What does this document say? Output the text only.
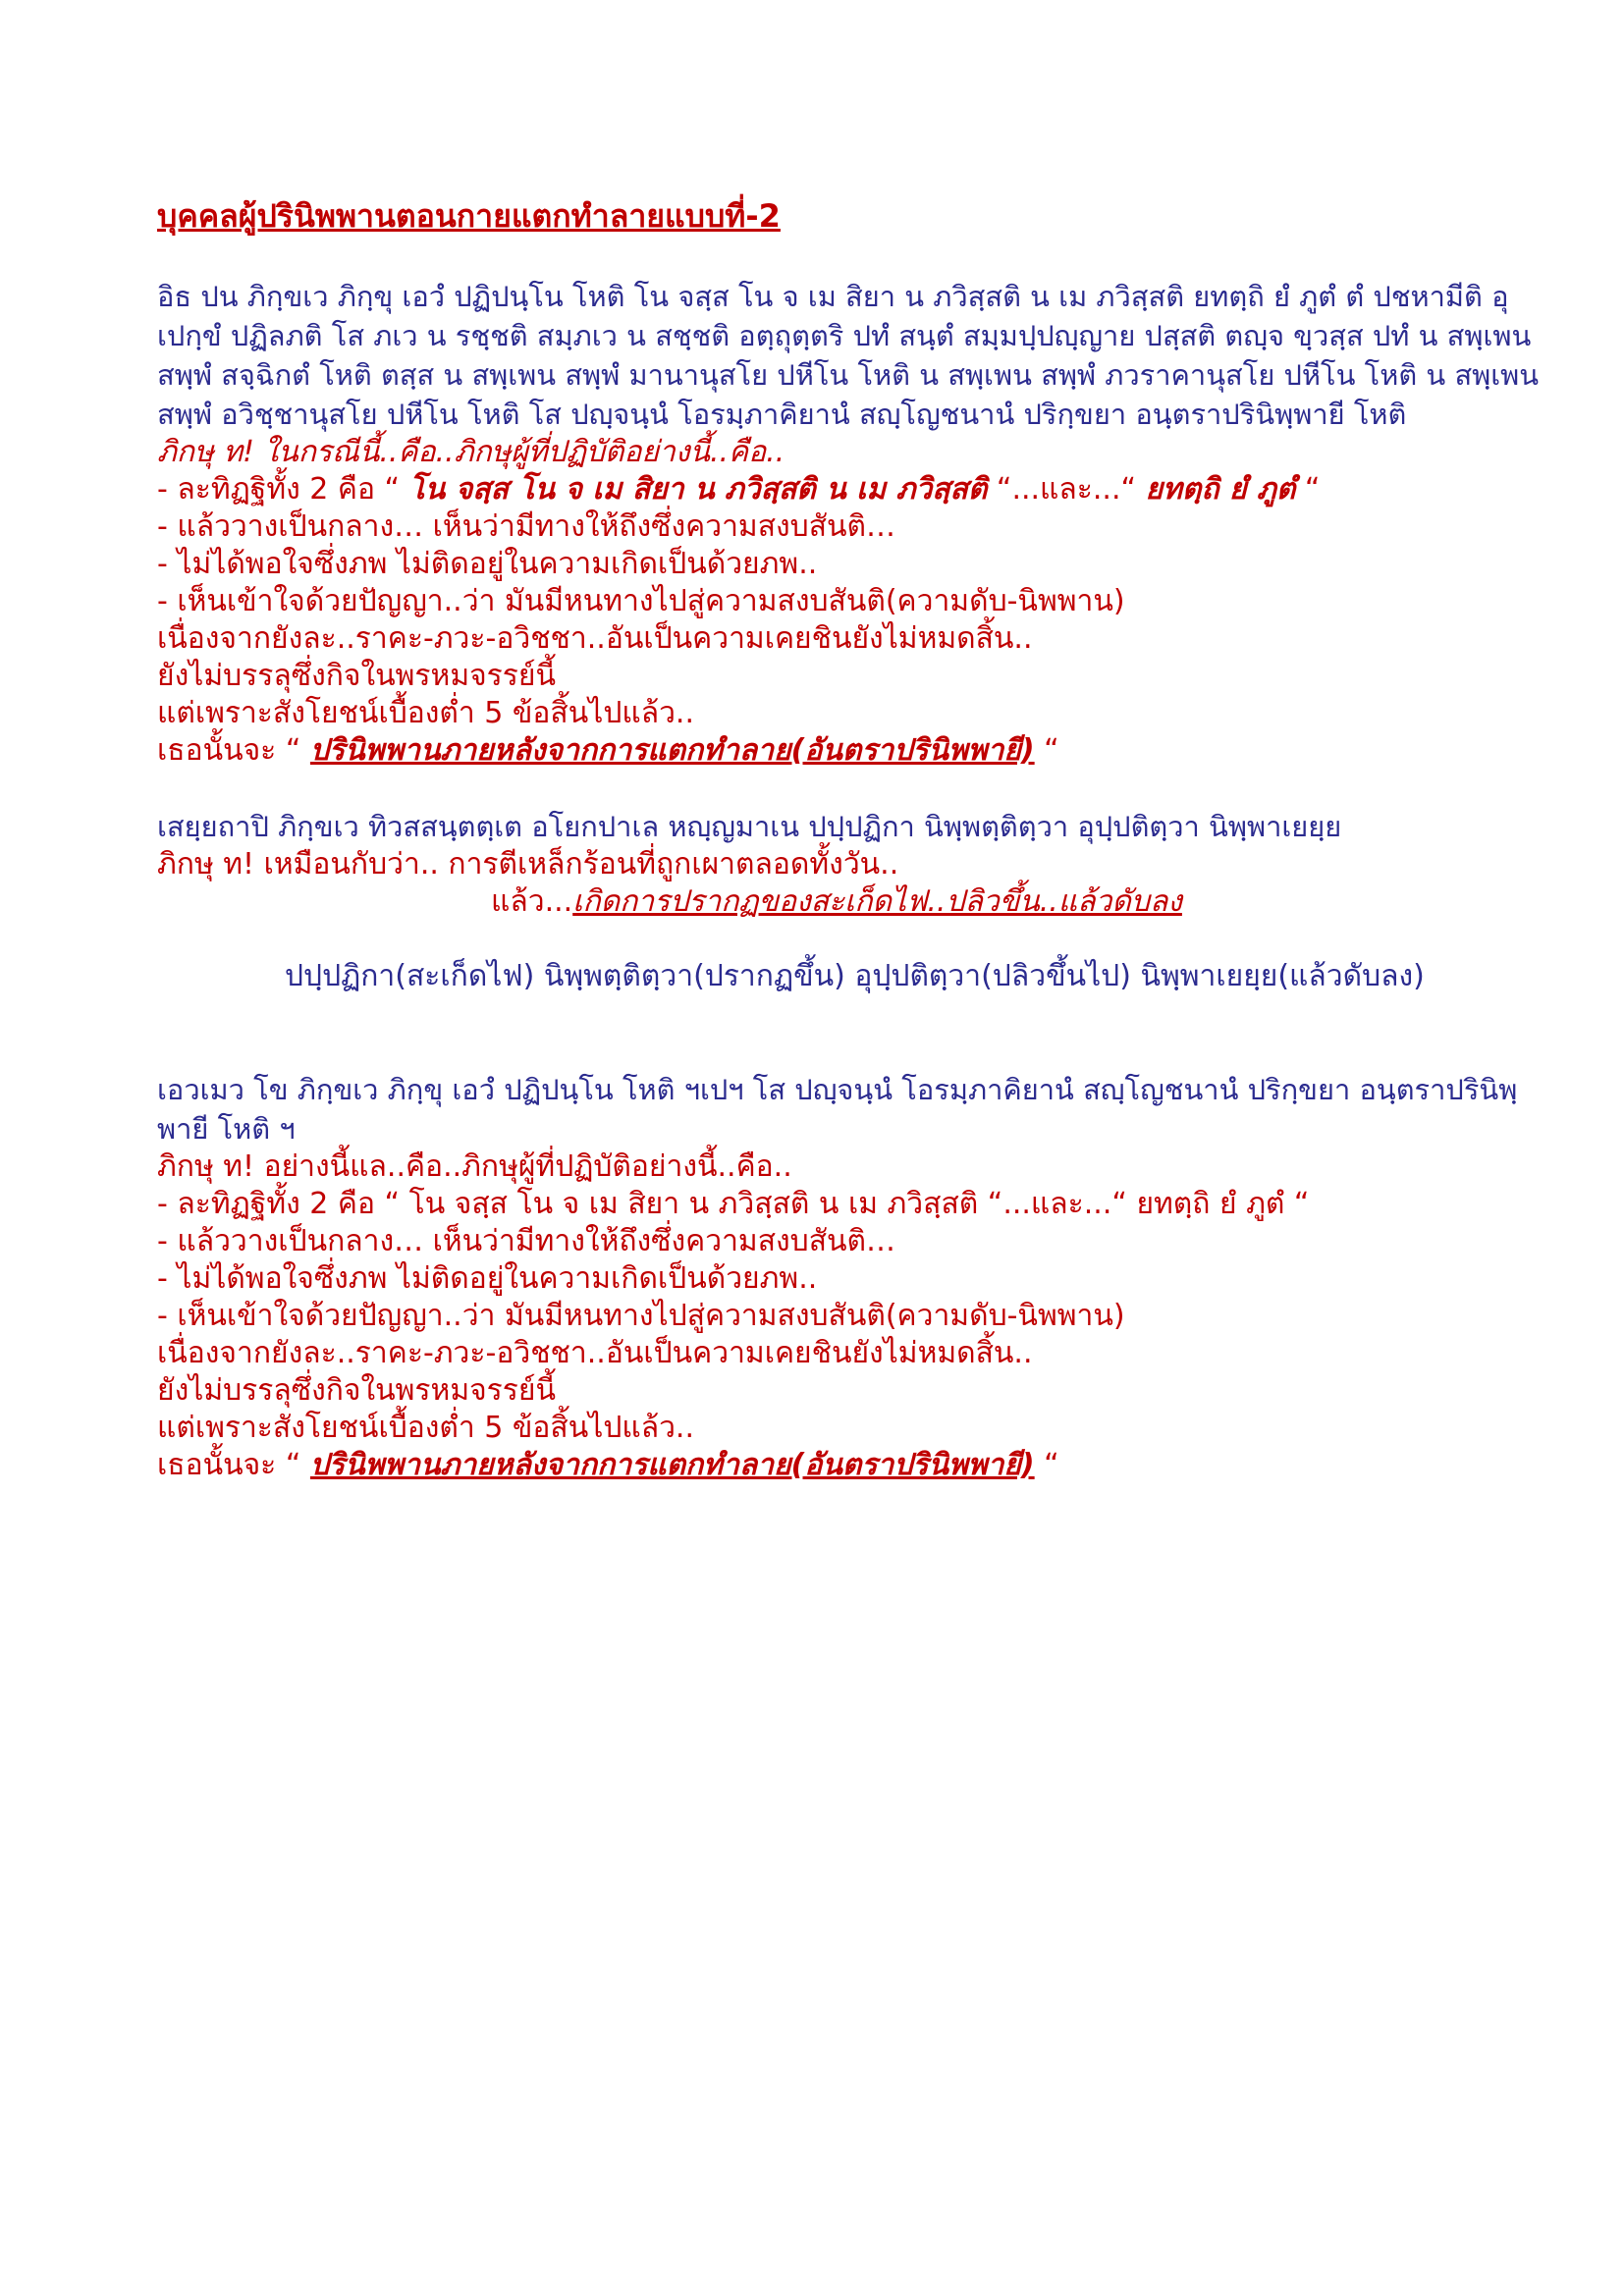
บุคคลผู้ปรินิพพานตอนกายแตกทำลายแบบที่-2

อิธ ปน ภิกฺขเว ภิกฺขุ เอวํ ปฏิปนฺโน โหติ โน จสฺส โน จ เม สิยา น ภวิสฺสติ น เม ภวิสฺสติ ยทตฺถิ ยํ ภูตํ ตํ ปชหามีติ อุเปกฺขํ ปฏิลภติ โส ภเว น รชฺชติ สมฺภเว น สชฺชติ อตฺถุตฺตริ ปทํ สนฺตํ สมฺมปฺปญฺญาย ปสฺสติ ตญฺจ ขฺวสฺส ปทํ น สพฺเพน สพฺพํ สจฺฉิกตํ โหติ ตสฺส น สพฺเพน สพฺพํ มานานุสโย ปหีโน โหติ น สพฺเพน สพฺพํ ภวราคานุสโย ปหีโน โหติ น สพฺเพน สพฺพํ อวิชฺชานุสโย ปหีโน โหติ โส ปญฺจนฺนํ โอรมฺภาคิยานํ สญฺโญชนานํ ปริกฺขยา อนฺตราปรินิพฺพายี โหติ

ภิกษุ ท! ในกรณีนี้..คือ..ภิกษุผู้ที่ปฏิบัติอย่างนี้..คือ..

- ละทิฏฐิทั้ง 2 คือ “ โน จสฺส โน จ เม สิยา น ภวิสฺสติ น เม ภวิสฺสติ “...และ...“ ยทตฺถิ ยํ ภูตํ “

- แล้ววางเป็นกลาง… เห็นว่ามีทางให้ถึงซึ่งความสงบสันติ…

- ไม่ได้พอใจซึ่งภพ ไม่ติดอยู่ในความเกิดเป็นด้วยภพ..

- เห็นเข้าใจด้วยปัญญา..ว่า มันมีหนทางไปสู่ความสงบสันติ(ความดับ-นิพพาน)

เนื่องจากยังละ..ราคะ-ภวะ-อวิชชา..อันเป็นความเคยชินยังไม่หมดสิ้น..

ยังไม่บรรลุซึ่งกิจในพรหมจรรย์นี้

แต่เพราะสังโยชน์เบื้องต่ำ 5 ข้อสิ้นไปแล้ว..

เธอนั้นจะ “ ปรินิพพานภายหลังจากการแตกทำลาย(อันตราปรินิพพายี) “

เสยฺยถาปิ ภิกฺขเว ทิวสสนฺตตฺเต อโยกปาเล หญฺญมาเน ปปฺปฏิกา นิพฺพตฺติตฺวา อุปฺปติตฺวา นิพฺพาเยยฺย

ภิกษุ ท! เหมือนกับว่า.. การตีเหล็กร้อนที่ถูกเผาตลอดทั้งวัน..

แล้ว...เกิดการปรากฏของสะเก็ดไฟ..ปลิวขึ้น..แล้วดับลง

ปปฺปฏิกา(สะเก็ดไฟ) นิพฺพตฺติตฺวา(ปรากฏขึ้น) อุปฺปติตฺวา(ปลิวขึ้นไป) นิพฺพาเยยฺย(แล้วดับลง)

เอวเมว โข ภิกฺขเว ภิกฺขุ เอวํ ปฏิปนฺโน โหติ ฯเปฯ โส ปญฺจนฺนํ โอรมฺภาคิยานํ สญฺโญชนานํ ปริกฺขยา อนฺตราปรินิพฺพายี โหติ ฯ

ภิกษุ ท! อย่างนี้แล..คือ..ภิกษุผู้ที่ปฏิบัติอย่างนี้..คือ..

- ละทิฏฐิทั้ง 2 คือ “ โน จสฺส โน จ เม สิยา น ภวิสฺสติ น เม ภวิสฺสติ “...และ...“ ยทตฺถิ ยํ ภูตํ “

- แล้ววางเป็นกลาง… เห็นว่ามีทางให้ถึงซึ่งความสงบสันติ…

- ไม่ได้พอใจซึ่งภพ ไม่ติดอยู่ในความเกิดเป็นด้วยภพ..

- เห็นเข้าใจด้วยปัญญา..ว่า มันมีหนทางไปสู่ความสงบสันติ(ความดับ-นิพพาน)

เนื่องจากยังละ..ราคะ-ภวะ-อวิชชา..อันเป็นความเคยชินยังไม่หมดสิ้น..

ยังไม่บรรลุซึ่งกิจในพรหมจรรย์นี้

แต่เพราะสังโยชน์เบื้องต่ำ 5 ข้อสิ้นไปแล้ว..

เธอนั้นจะ “ ปรินิพพานภายหลังจากการแตกทำลาย(อันตราปรินิพพายี) “
